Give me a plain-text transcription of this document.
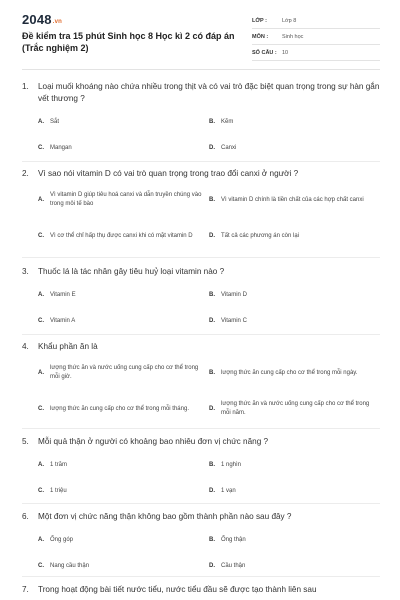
2048.vn
Đề kiểm tra 15 phút Sinh học 8 Học kì 2 có đáp án (Trắc nghiệm 2)
LỚP :	Lớp 8
MÔN :	Sinh học
SỐ CÂU : 10
1.	Loại muối khoáng nào chứa nhiều trong thịt và có vai trò đặc biệt quan trọng trong sự hàn gắn vết thương ?
A.	Sắt	B.	Kẽm
C.	Mangan	D.	Canxi
2.	Vì sao nói vitamin D có vai trò quan trọng trong trao đổi canxi ở người ?
A.
Vì vitamin D giúp tiêu hoá canxi và dẫn truyền chúng vào trong môi tế bào
B.	Vì vitamin D chính là tiền chất của các hợp chất canxi
C.	Vì cơ thể chỉ hấp thụ được canxi khi có mặt vitamin D	D.	Tất cả các phương án còn lại
3.	Thuốc lá là tác nhân gây tiêu huỷ loại vitamin nào ?
A.	Vitamin E	B.	Vitamin D
C.	Vitamin A	D.	Vitamin C
4.	Khẩu phần ăn là
A.
lượng thức ăn và nước uống cung cấp cho cơ thể trong mỗi giờ.
B.	lượng thức ăn cung cấp cho cơ thể trong mỗi ngày.
C.	lượng thức ăn cung cấp cho cơ thể trong mỗi tháng.	D.
lượng thức ăn và nước uống cung cấp cho cơ thể trong mỗi năm.
5.	Mỗi quả thận ở người có khoảng bao nhiêu đơn vị chức năng ?
A.	1 trăm	B.	1 nghìn
C.	1 triệu	D.	1 vạn
6.	Một đơn vị chức năng thận không bao gồm thành phần nào sau đây ?
A.	Ống góp	B.	Ống thận
C.	Nang cầu thận	D.	Cầu thận
7.	Trong hoạt động bài tiết nước tiểu, nước tiểu đầu sẽ được tạo thành liên sau
